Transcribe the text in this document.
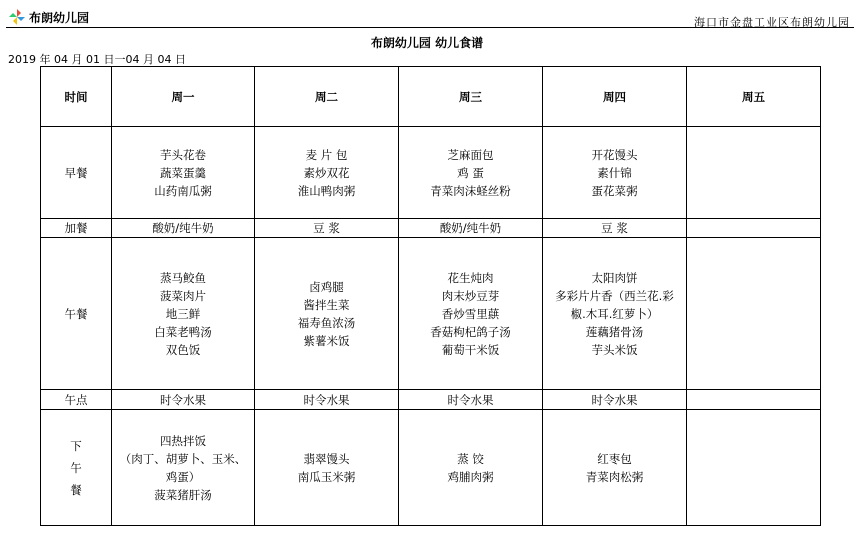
布朗幼儿园	海口市金盘工业区布朗幼儿园
布朗幼儿园 幼儿食谱
2019 年 04 月 01 日一04 月 04 日
时间	周一	周二	周三	周四	周五
早餐	芋头花卷
蔬菜蛋羹
山药南瓜粥	麦 片 包
素炒双花
淮山鸭肉粥	芝麻面包
鸡 蛋
青菜肉沫蛏丝粉	开花馒头
素什锦
蛋花菜粥	

加餐	酸奶/纯牛奶	豆 浆	酸奶/纯牛奶	豆 浆	

午餐	蒸马鲛鱼
菠菜肉片
地三鲜
白菜老鸭汤
双色饭	卤鸡腿
酱拌生菜
福寿鱼浓汤
紫薯米饭	花生炖肉
肉末炒豆芽
香炒雪里蕻
香菇枸杞鸽子汤
葡萄干米饭	太阳肉饼
多彩片片香（西兰花.彩
椒.木耳.红萝卜）
莲藕猪骨汤
芋头米饭	

午点	时令水果	时令水果	时令水果	时令水果	

下
午
餐	四热拌饭
（肉丁、胡萝卜、玉米、
鸡蛋）
菠菜猪肝汤	翡翠馒头
南瓜玉米粥	蒸 饺
鸡脯肉粥	红枣包
青菜肉松粥	
